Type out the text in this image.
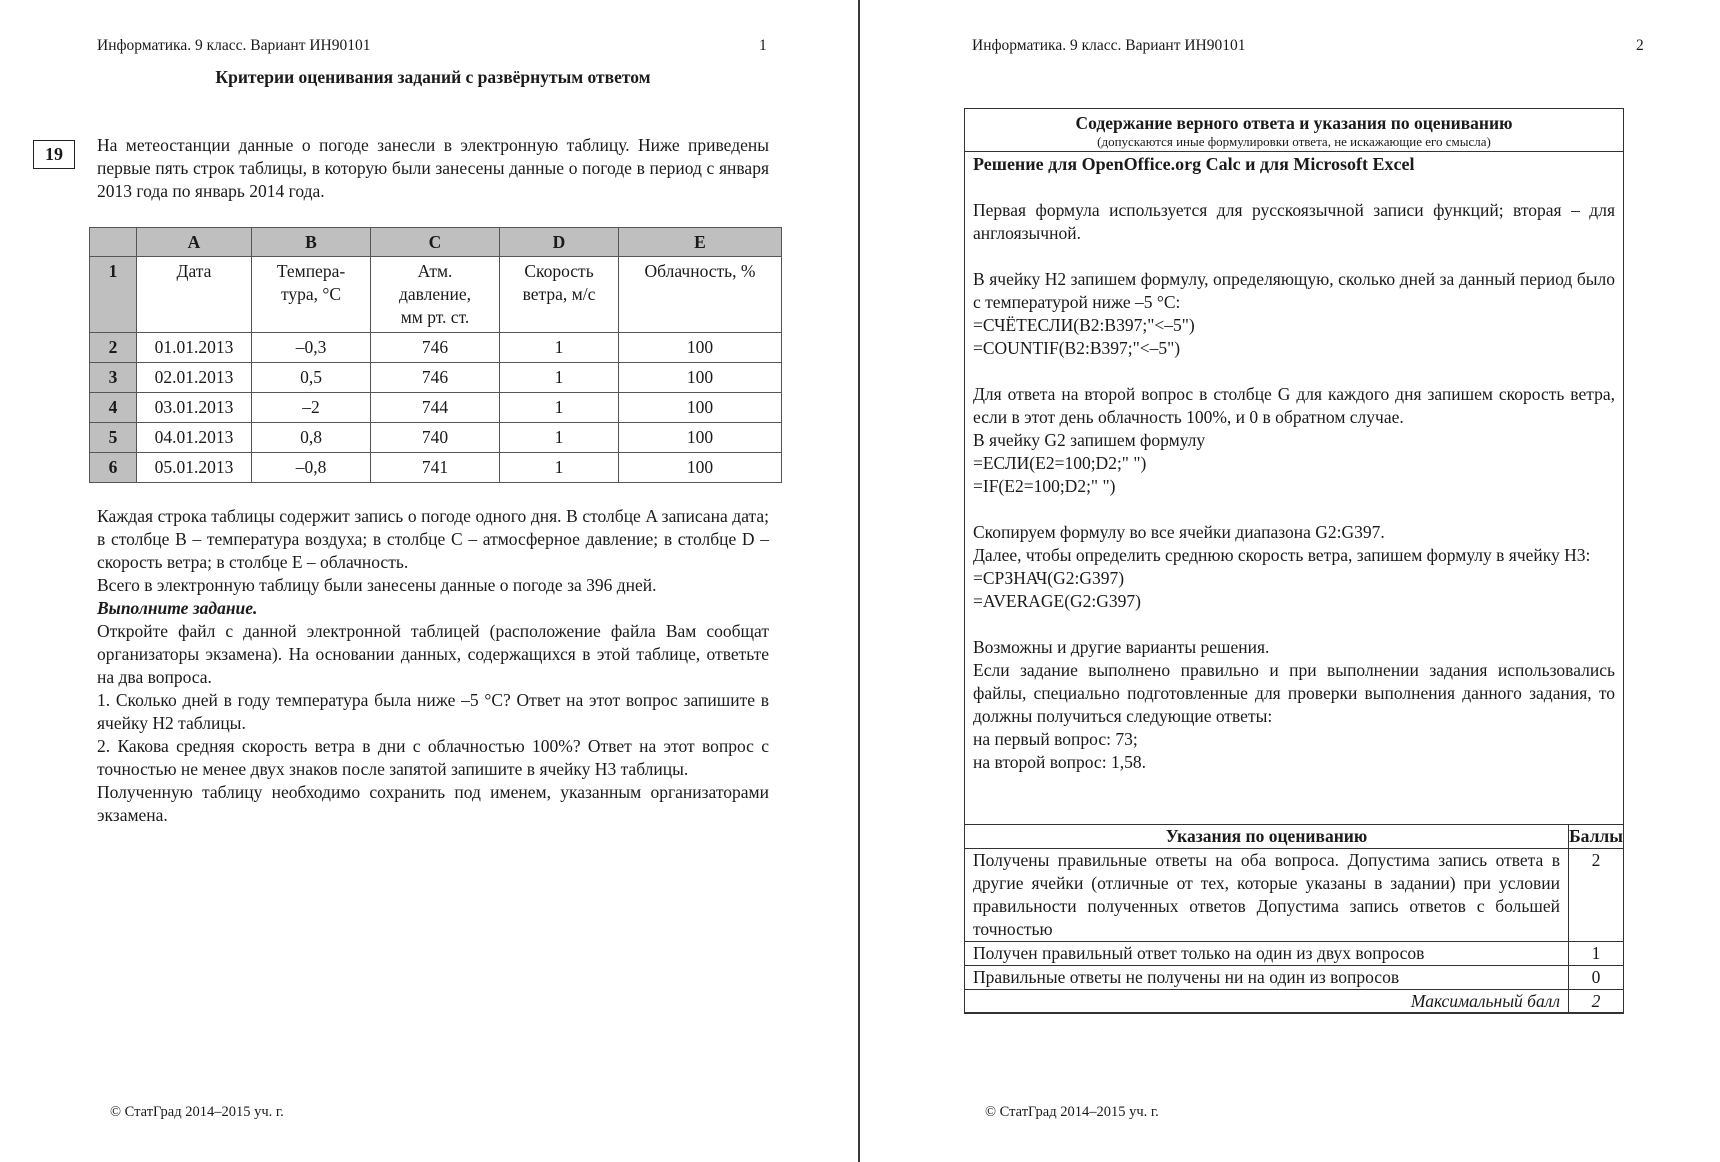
Информатика. 9 класс. Вариант ИН90101	1
Критерии оценивания заданий с развёрнутым ответом
19	На метеостанции данные о погоде занесли в электронную таблицу. Ниже приведены первые пять строк таблицы, в которую были занесены данные о погоде в период с января 2013 года по январь 2014 года.

	A	B	C	D	E
1	Дата	Темпера-тура, °С	Атм. давление, мм рт. ст.	Скорость ветра, м/с	Облачность, %
2	01.01.2013	–0,3	746	1	100
3	02.01.2013	0,5	746	1	100
4	03.01.2013	–2	744	1	100
5	04.01.2013	0,8	740	1	100
6	05.01.2013	–0,8	741	1	100

Каждая строка таблицы содержит запись о погоде одного дня. В столбце A записана дата; в столбце B – температура воздуха; в столбце C – атмосферное давление; в столбце D – скорость ветра; в столбце E – облачность.

Всего в электронную таблицу были занесены данные о погоде за 396 дней.

Выполните задание.

Откройте файл с данной электронной таблицей (расположение файла Вам сообщат организаторы экзамена). На основании данных, содержащихся в этой таблице, ответьте на два вопроса.

1. Сколько дней в году температура была ниже –5 °С? Ответ на этот вопрос запишите в ячейку H2 таблицы.

2. Какова средняя скорость ветра в дни с облачностью 100%? Ответ на этот вопрос с точностью не менее двух знаков после запятой запишите в ячейку H3 таблицы.

Полученную таблицу необходимо сохранить под именем, указанным организаторами экзамена.

© СтатГрад 2014–2015 уч. г.
Информатика. 9 класс. Вариант ИН90101	2
Содержание верного ответа и указания по оцениванию
(допускаются иные формулировки ответа, не искажающие его смысла)

Решение для OpenOffice.org Calc и для Microsoft Excel

Первая формула используется для русскоязычной записи функций; вторая – для англоязычной.

В ячейку H2 запишем формулу, определяющую, сколько дней за данный период было с температурой ниже –5 °С:

=СЧЁТЕСЛИ(B2:B397;"<–5")

=COUNTIF(B2:B397;"<–5")

Для ответа на второй вопрос в столбце G для каждого дня запишем скорость ветра, если в этот день облачность 100%, и 0 в обратном случае.

В ячейку G2 запишем формулу

=ЕСЛИ(E2=100;D2;" ")

=IF(E2=100;D2;" ")

Скопируем формулу во все ячейки диапазона G2:G397.

Далее, чтобы определить среднюю скорость ветра, запишем формулу в ячейку H3:

=СРЗНАЧ(G2:G397)

=AVERAGE(G2:G397)

Возможны и другие варианты решения.

Если задание выполнено правильно и при выполнении задания использовались файлы, специально подготовленные для проверки выполнения данного задания, то должны получиться следующие ответы:

на первый вопрос: 73;

на второй вопрос: 1,58.

Указания по оцениванию	Баллы
Получены правильные ответы на оба вопроса. Допустима запись ответа в другие ячейки (отличные от тех, которые указаны в задании) при условии правильности полученных ответов Допустима запись ответов с большей точностью	2
Получен правильный ответ только на один из двух вопросов	1
Правильные ответы не получены ни на один из вопросов	0
Максимальный балл	2
© СтатГрад 2014–2015 уч. г.
